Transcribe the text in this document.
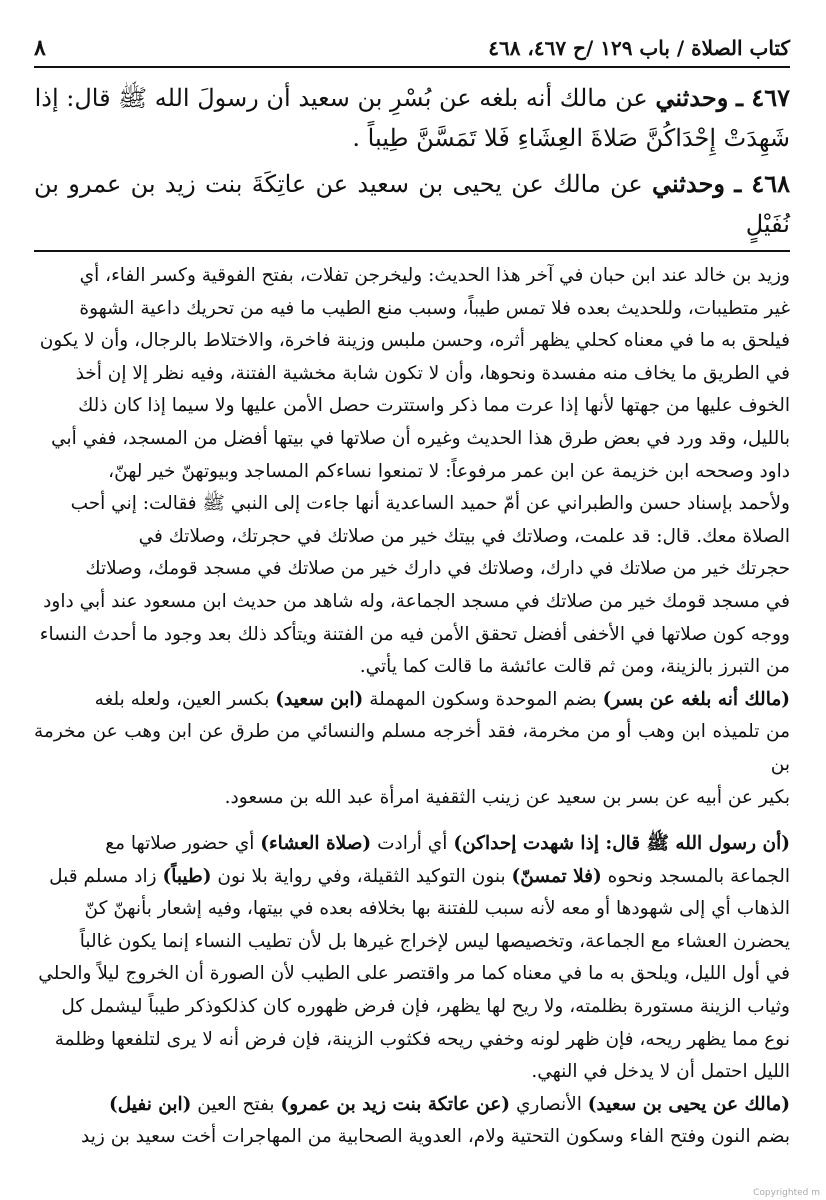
كتاب الصلاة / باب ١٢٩ /ح ٤٦٧، ٤٦٨
٨

٤٦٧ ـ وحدثني عن مالك أنه بلغه عن بُسْرِ بن سعيد أن رسولَ الله ﷺ قال: إذا
شَهِدَتْ إِحْدَاكُنَّ صَلاةَ العِشَاءِ فَلا تَمَسَّنَّ طِيباً .

٤٦٨ ـ وحدثني عن مالك عن يحيى بن سعيد عن عاتِكَةَ بنت زيد بن عمرو بن نُفَيْلٍ

وزيد بن خالد عند ابن حبان في آخر هذا الحديث: وليخرجن تفلات، بفتح الفوقية وكسر الفاء، أي

غير متطيبات، وللحديث بعده فلا تمس طيباً، وسبب منع الطيب ما فيه من تحريك داعية الشهوة

فيلحق به ما في معناه كحلي يظهر أثره، وحسن ملبس وزينة فاخرة، والاختلاط بالرجال، وأن لا يكون

في الطريق ما يخاف منه مفسدة ونحوها، وأن لا تكون شابة مخشية الفتنة، وفيه نظر إلا إن أخذ

الخوف عليها من جهتها لأنها إذا عرت مما ذكر واستترت حصل الأمن عليها ولا سيما إذا كان ذلك

بالليل، وقد ورد في بعض طرق هذا الحديث وغيره أن صلاتها في بيتها أفضل من المسجد، ففي أبي

داود وصححه ابن خزيمة عن ابن عمر مرفوعاً: لا تمنعوا نساءكم المساجد وبيوتهنّ خير لهنّ،

ولأحمد بإسناد حسن والطبراني عن أمّ حميد الساعدية أنها جاءت إلى النبي ﷺ فقالت: إني أحب

الصلاة معك. قال: قد علمت، وصلاتك في بيتك خير من صلاتك في حجرتك، وصلاتك في

حجرتك خير من صلاتك في دارك، وصلاتك في دارك خير من صلاتك في مسجد قومك، وصلاتك

في مسجد قومك خير من صلاتك في مسجد الجماعة، وله شاهد من حديث ابن مسعود عند أبي داود

ووجه كون صلاتها في الأخفى أفضل تحقق الأمن فيه من الفتنة ويتأكد ذلك بعد وجود ما أحدث النساء

من التبرز بالزينة، ومن ثم قالت عائشة ما قالت كما يأتي.

(مالك أنه بلغه عن بسر) بضم الموحدة وسكون المهملة (ابن سعيد) بكسر العين، ولعله بلغه

من تلميذه ابن وهب أو من مخرمة، فقد أخرجه مسلم والنسائي من طرق عن ابن وهب عن مخرمة بن

بكير عن أبيه عن بسر بن سعيد عن زينب الثقفية امرأة عبد الله بن مسعود.

(أن رسول الله ﷺ قال: إذا شهدت إحداكن) أي أرادت (صلاة العشاء) أي حضور صلاتها مع

الجماعة بالمسجد ونحوه (فلا تمسنّ) بنون التوكيد الثقيلة، وفي رواية بلا نون (طيباً) زاد مسلم قبل

الذهاب أي إلى شهودها أو معه لأنه سبب للفتنة بها بخلافه بعده في بيتها، وفيه إشعار بأنهنّ كنّ

يحضرن العشاء مع الجماعة، وتخصيصها ليس لإخراج غيرها بل لأن تطيب النساء إنما يكون غالباً

في أول الليل، ويلحق به ما في معناه كما مر واقتصر على الطيب لأن الصورة أن الخروج ليلاً والحلي

وثياب الزينة مستورة بظلمته، ولا ريح لها يظهر، فإن فرض ظهوره كان كذلكوذكر طيباً ليشمل كل

نوع مما يظهر ريحه، فإن ظهر لونه وخفي ريحه فكثوب الزينة، فإن فرض أنه لا يرى لتلفعها وظلمة

الليل احتمل أن لا يدخل في النهي.

(مالك عن يحيى بن سعيد) الأنصاري (عن عاتكة بنت زيد بن عمرو) بفتح العين (ابن نفيل)

بضم النون وفتح الفاء وسكون التحتية ولام، العدوية الصحابية من المهاجرات أخت سعيد بن زيد

Copyrighted m
